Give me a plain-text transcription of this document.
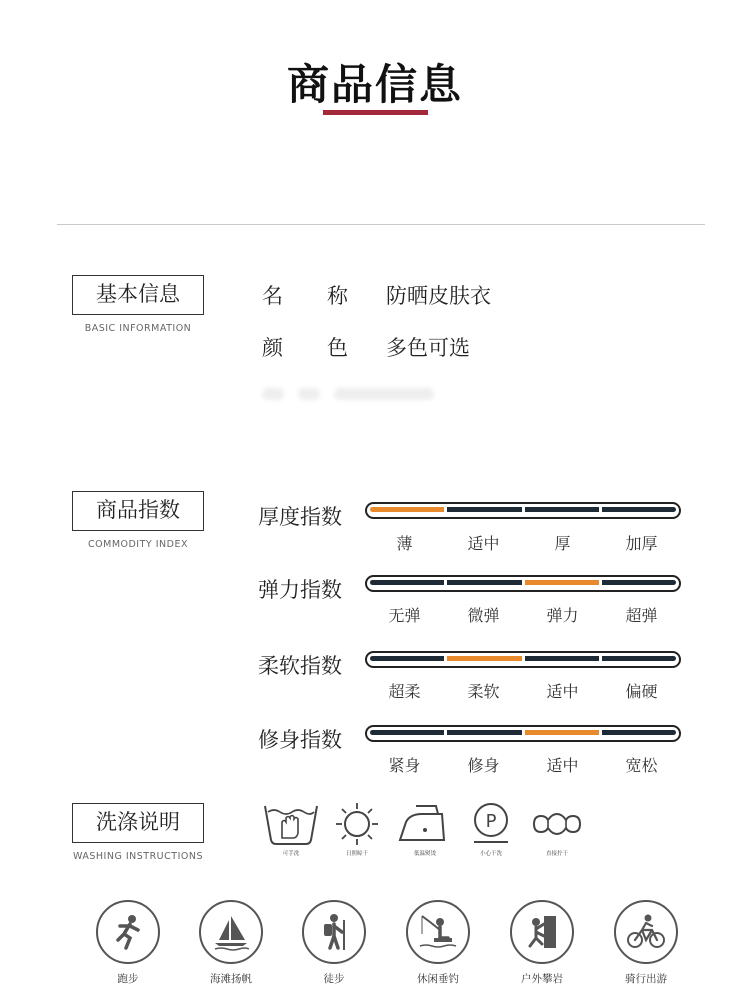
商品信息
基本信息
BASIC INFORMATION
名 称 防晒皮肤衣
颜 色 多色可选
商品指数
COMMODITY INDEX
厚度指数
薄	适中	厚	加厚
弹力指数
无弹	微弹	弹力	超弹
柔软指数
超柔	柔软	适中	偏硬
修身指数
紧身	修身	适中	宽松
洗涤说明
WASHING INSTRUCTIONS	可手洗	日照晾干	低温熨烫
P
小心干洗	直接拧干
跑步	海滩扬帆	徒步	休闲垂钓	户外攀岩	骑行出游
